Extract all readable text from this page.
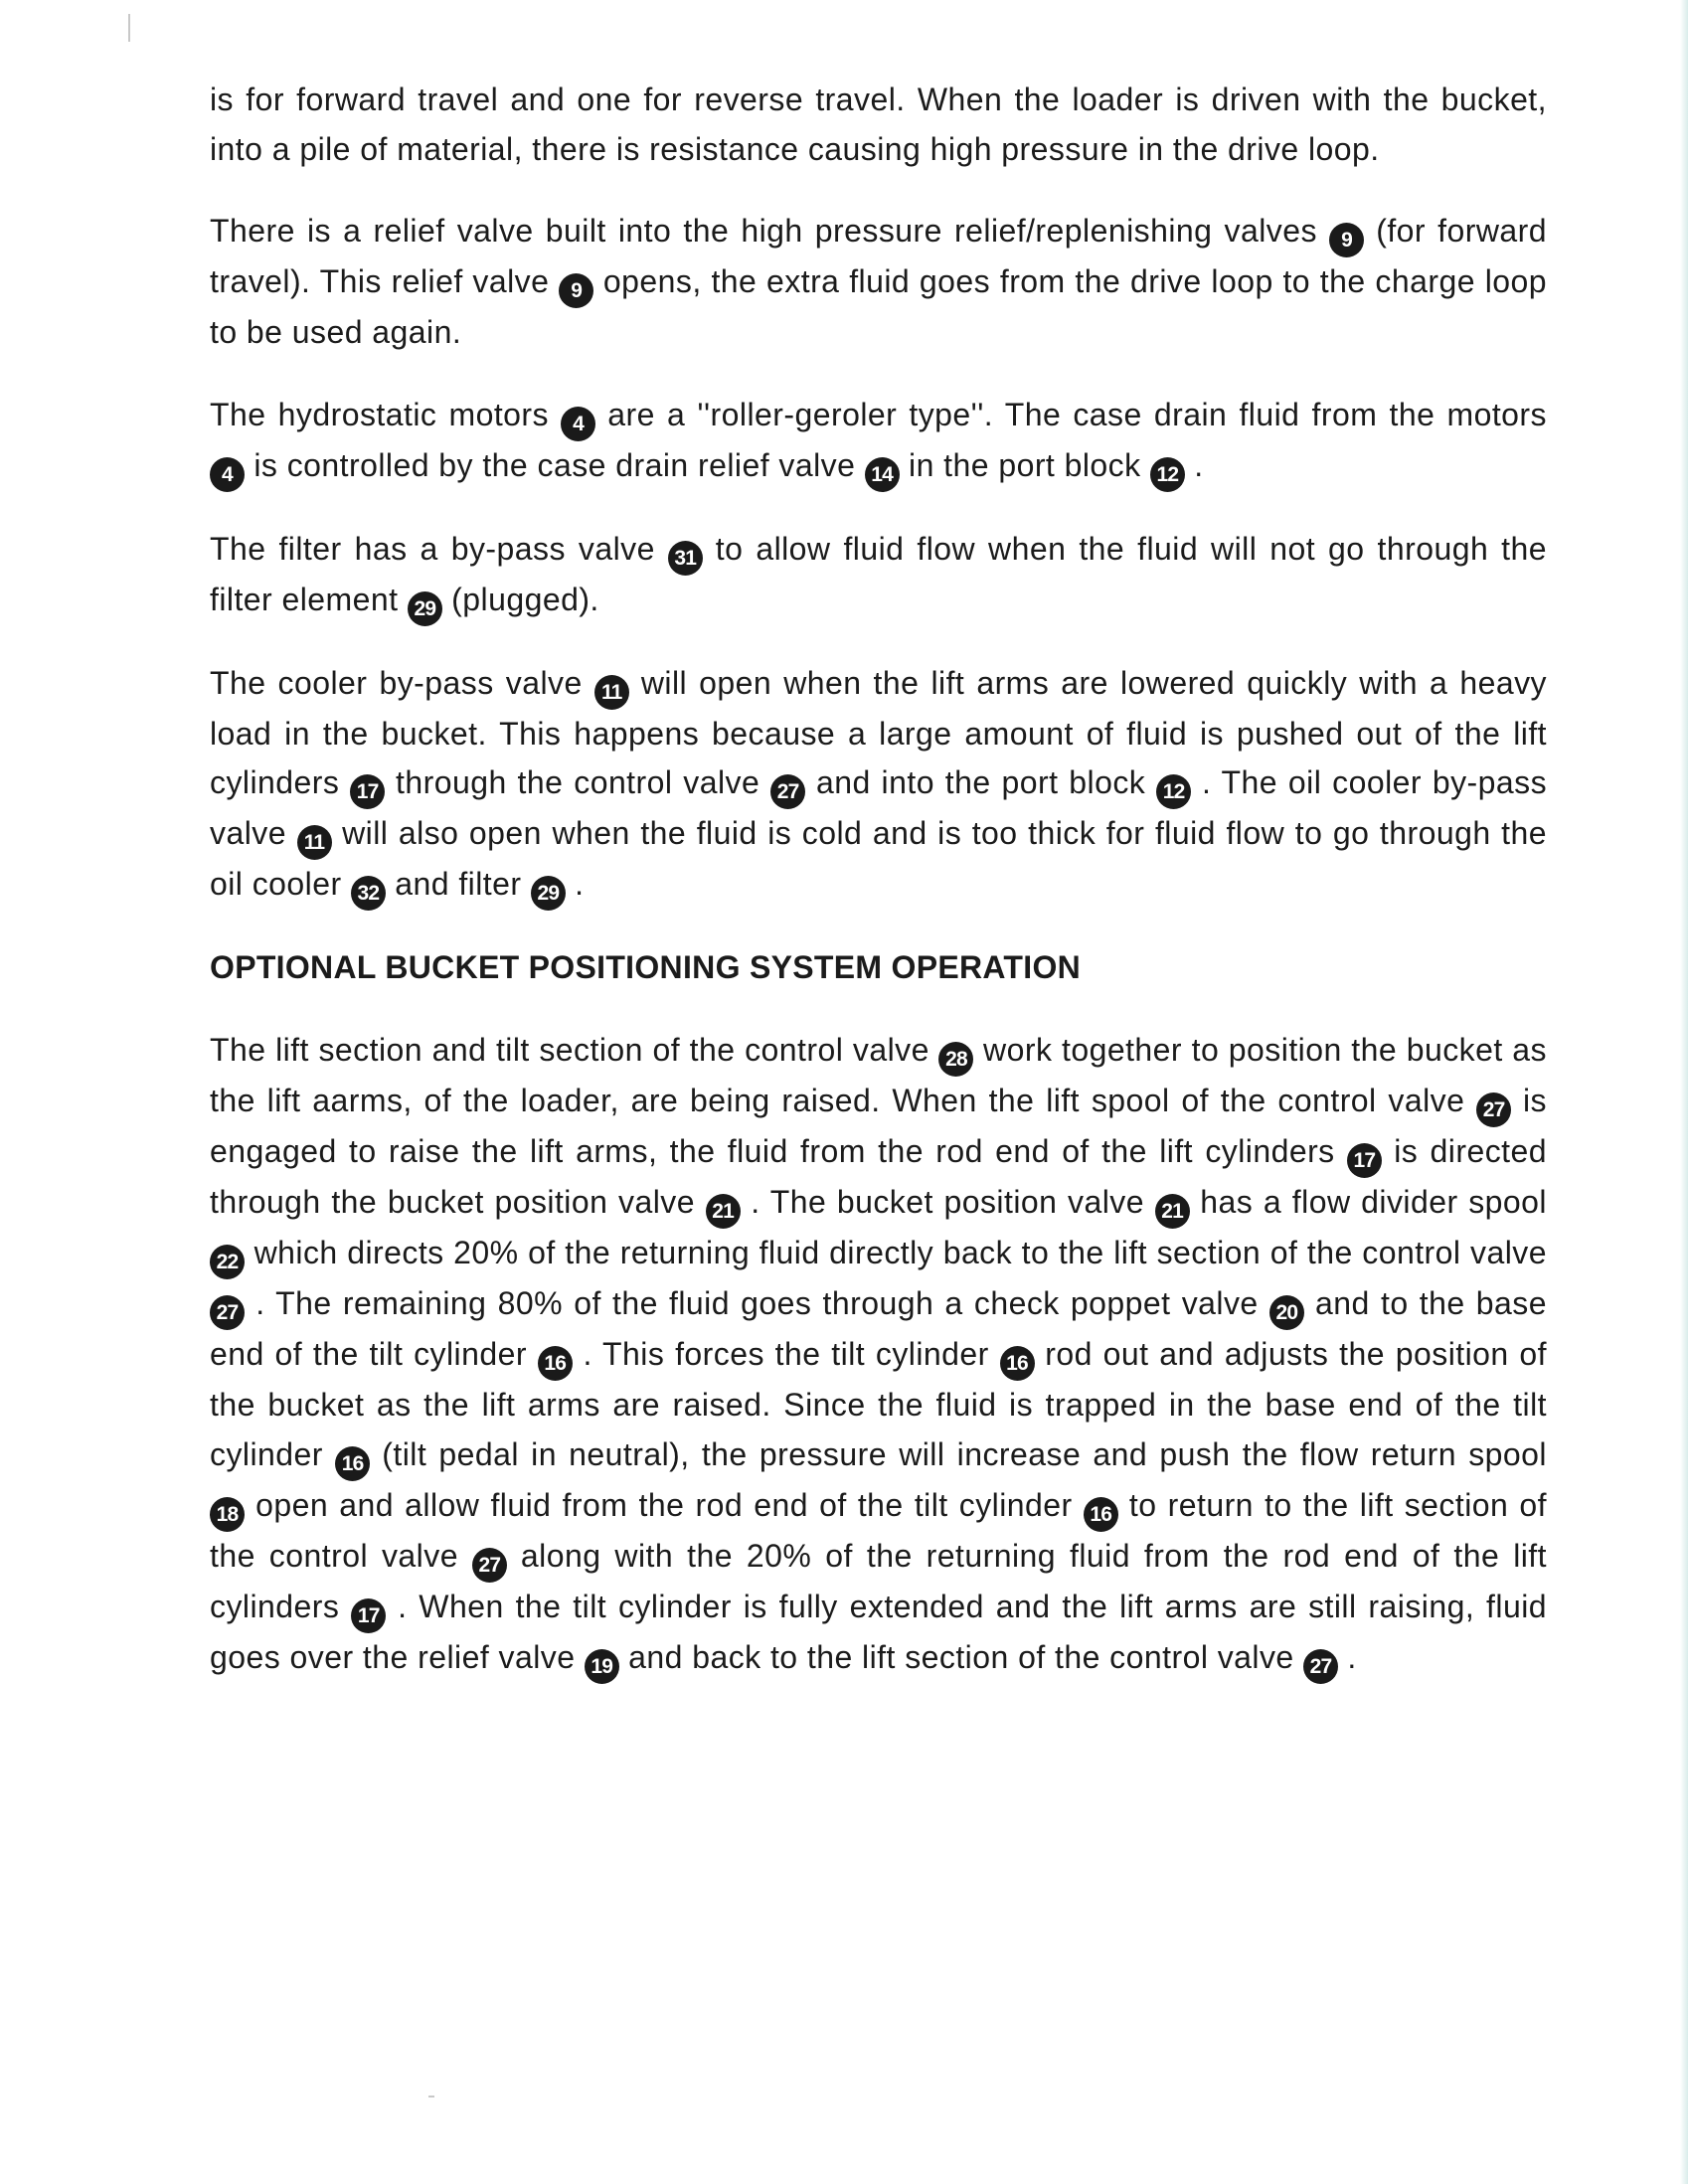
is for forward travel and one for reverse travel. When the loader is driven with the bucket, into a pile of material, there is resistance causing high pressure in the drive loop.

There is a relief valve built into the high pressure relief/replenishing valves 9 (for forward travel). This relief valve 9 opens, the extra fluid goes from the drive loop to the charge loop to be used again.

The hydrostatic motors 4 are a ''roller-geroler type''. The case drain fluid from the motors 4 is controlled by the case drain relief valve 14 in the port block 12 .

The filter has a by-pass valve 31 to allow fluid flow when the fluid will not go through the filter element 29 (plugged).

The cooler by-pass valve 11 will open when the lift arms are lowered quickly with a heavy load in the bucket. This happens because a large amount of fluid is pushed out of the lift cylinders 17 through the control valve 27 and into the port block 12 . The oil cooler by-pass valve 11 will also open when the fluid is cold and is too thick for fluid flow to go through the oil cooler 32 and filter 29 .

OPTIONAL BUCKET POSITIONING SYSTEM OPERATION

The lift section and tilt section of the control valve 28 work together to position the bucket as the lift aarms, of the loader, are being raised. When the lift spool of the control valve 27 is engaged to raise the lift arms, the fluid from the rod end of the lift cylinders 17 is directed through the bucket position valve 21 . The bucket position valve 21 has a flow divider spool 22 which directs 20% of the returning fluid directly back to the lift section of the control valve 27 . The remaining 80% of the fluid goes through a check poppet valve 20 and to the base end of the tilt cylinder 16 . This forces the tilt cylinder 16 rod out and adjusts the position of the bucket as the lift arms are raised. Since the fluid is trapped in the base end of the tilt cylinder 16 (tilt pedal in neutral), the pressure will increase and push the flow return spool 18 open and allow fluid from the rod end of the tilt cylinder 16 to return to the lift section of the control valve 27 along with the 20% of the returning fluid from the rod end of the lift cylinders 17 . When the tilt cylinder is fully extended and the lift arms are still raising, fluid goes over the relief valve 19 and back to the lift section of the control valve 27 .
